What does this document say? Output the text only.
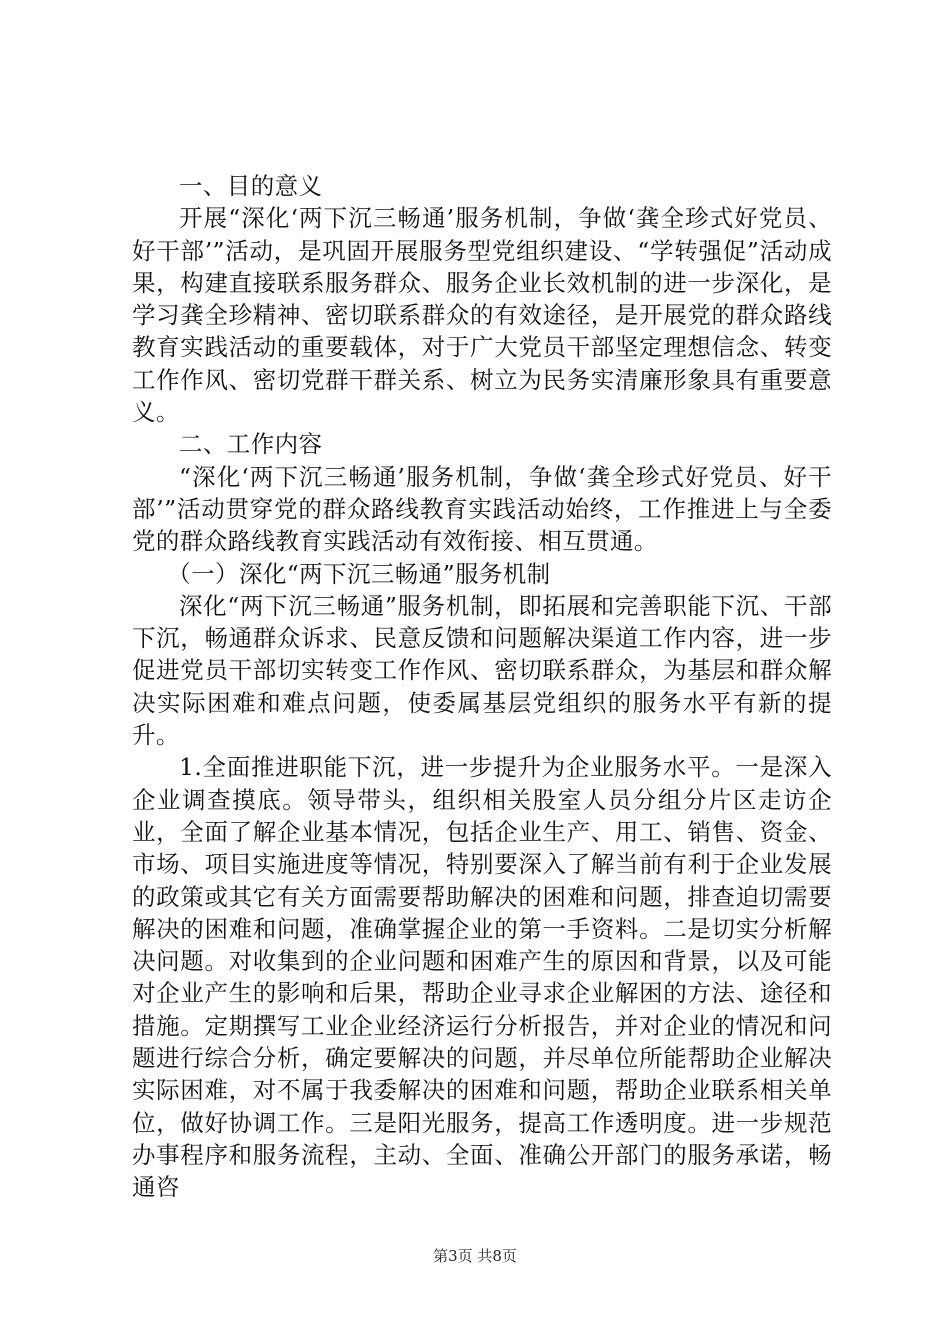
一、目的意义

开展“深化‘两下沉三畅通’服务机制，争做‘龚全珍式好党员、好干部’”活动，是巩固开展服务型党组织建设、“学转强促”活动成果，构建直接联系服务群众、服务企业长效机制的进一步深化，是学习龚全珍精神、密切联系群众的有效途径，是开展党的群众路线教育实践活动的重要载体，对于广大党员干部坚定理想信念、转变工作作风、密切党群干群关系、树立为民务实清廉形象具有重要意义。

二、工作内容

“深化‘两下沉三畅通’服务机制，争做‘龚全珍式好党员、好干部’”活动贯穿党的群众路线教育实践活动始终，工作推进上与全委党的群众路线教育实践活动有效衔接、相互贯通。

（一）深化“两下沉三畅通”服务机制

深化“两下沉三畅通”服务机制，即拓展和完善职能下沉、干部下沉，畅通群众诉求、民意反馈和问题解决渠道工作内容，进一步促进党员干部切实转变工作作风、密切联系群众，为基层和群众解决实际困难和难点问题，使委属基层党组织的服务水平有新的提升。

1.全面推进职能下沉，进一步提升为企业服务水平。一是深入企业调查摸底。领导带头，组织相关股室人员分组分片区走访企业，全面了解企业基本情况，包括企业生产、用工、销售、资金、市场、项目实施进度等情况，特别要深入了解当前有利于企业发展的政策或其它有关方面需要帮助解决的困难和问题，排查迫切需要解决的困难和问题，准确掌握企业的第一手资料。二是切实分析解决问题。对收集到的企业问题和困难产生的原因和背景，以及可能对企业产生的影响和后果，帮助企业寻求企业解困的方法、途径和措施。定期撰写工业企业经济运行分析报告，并对企业的情况和问题进行综合分析，确定要解决的问题，并尽单位所能帮助企业解决实际困难，对不属于我委解决的困难和问题，帮助企业联系相关单位，做好协调工作。三是阳光服务，提高工作透明度。进一步规范办事程序和服务流程，主动、全面、准确公开部门的服务承诺，畅通咨

第3页 共8页
